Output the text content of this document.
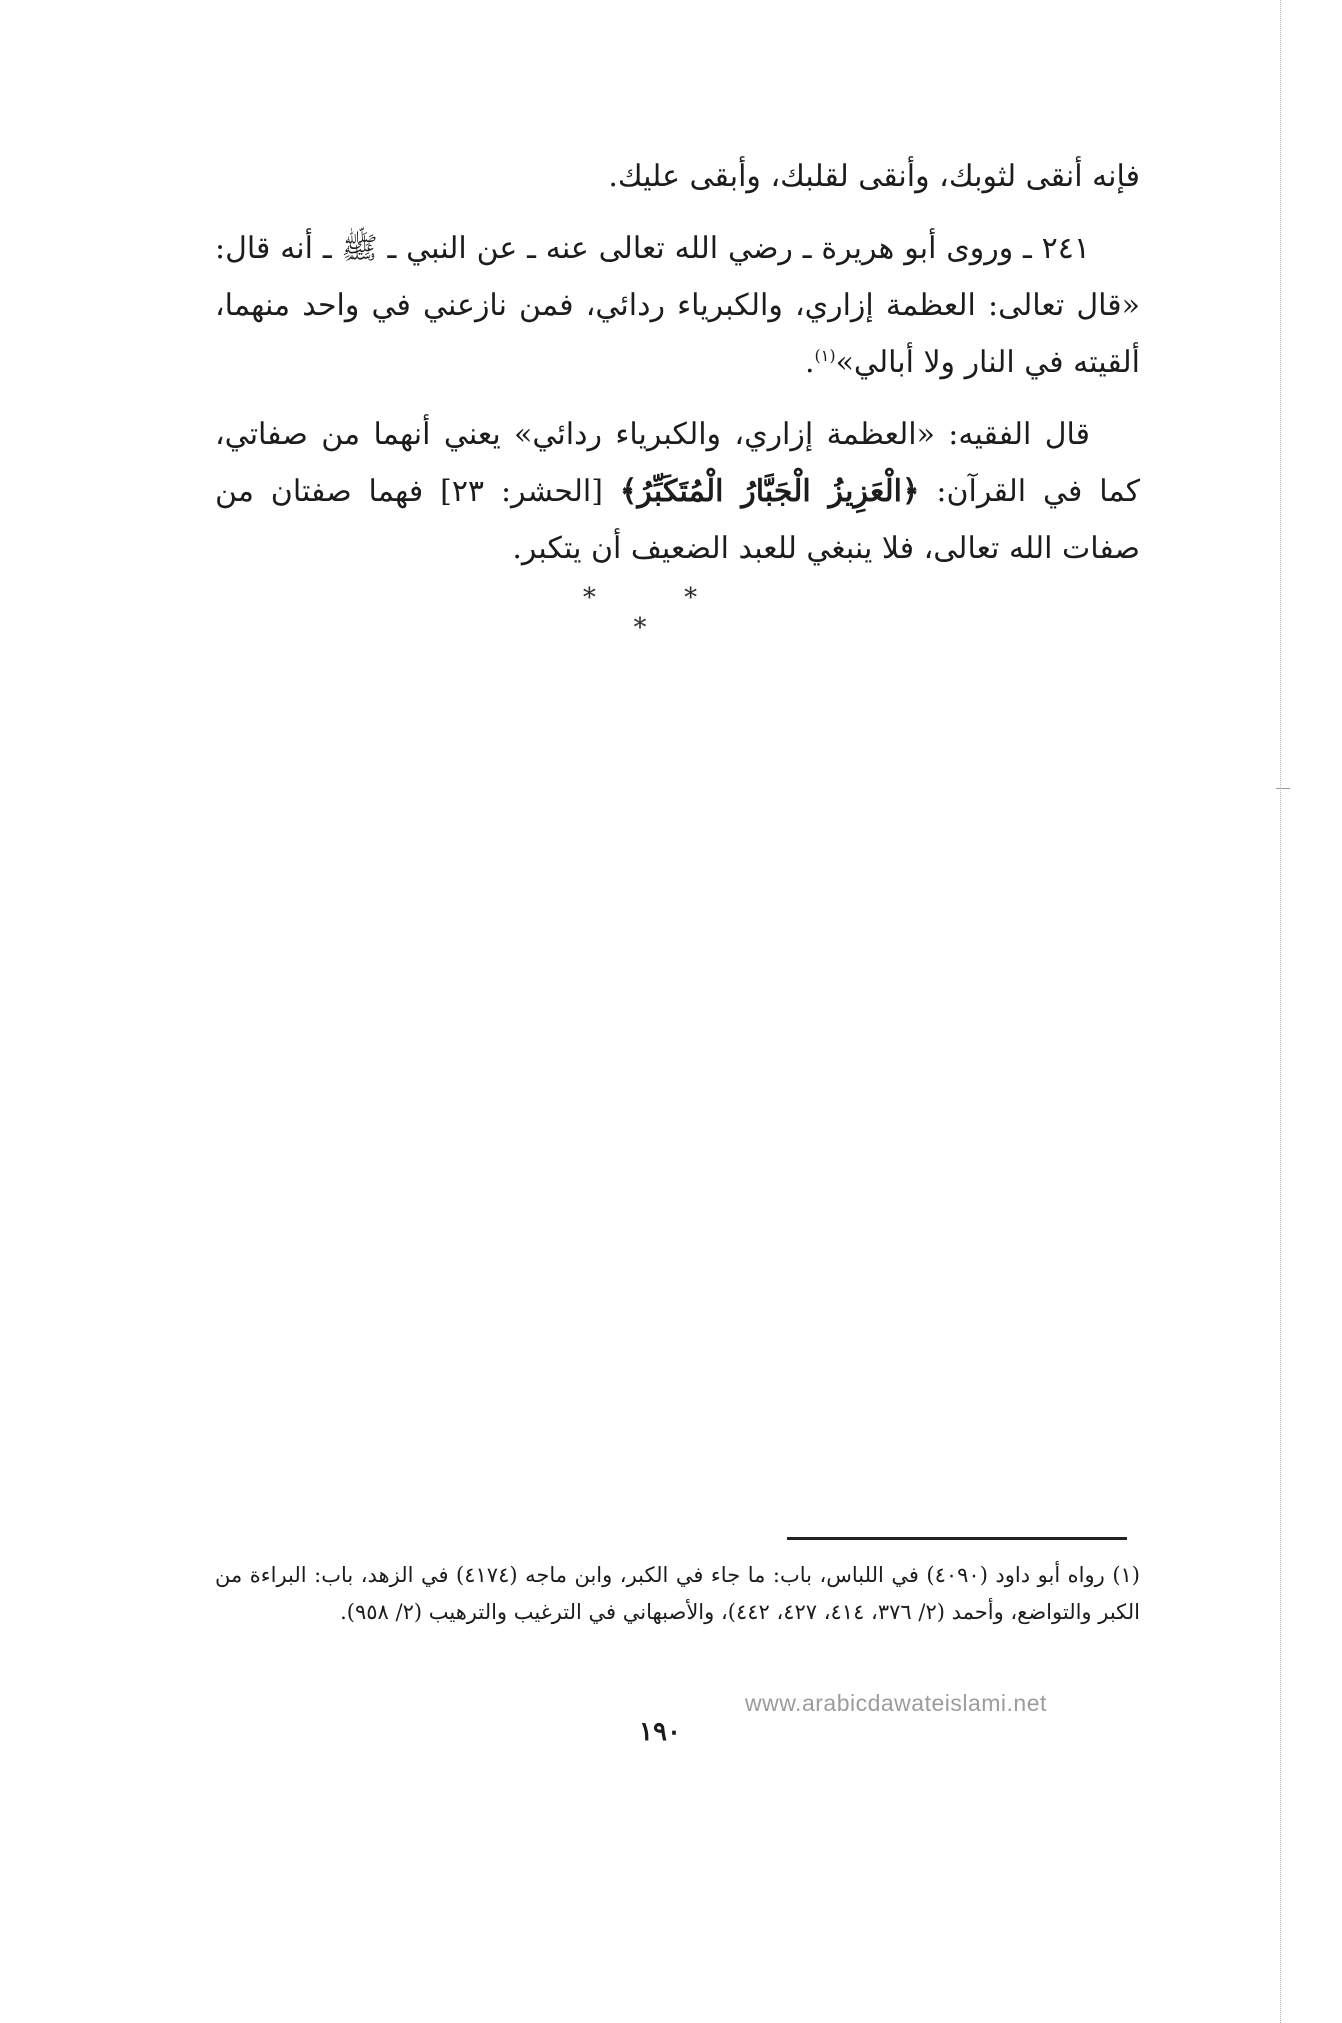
فإنه أنقى لثوبك، وأنقى لقلبك، وأبقى عليك.

٢٤١ ـ وروى أبو هريرة ـ رضي الله تعالى عنه ـ عن النبي ـ ﷺ ـ أنه قال: «قال تعالى: العظمة إزاري، والكبرياء ردائي، فمن نازعني في واحد منهما، ألقيته في النار ولا أبالي»$^{(١)}$.

قال الفقيه: «العظمة إزاري، والكبرياء ردائي» يعني أنهما من صفاتي، كما في القرآن: ﴿الْعَزِيزُ الْجَبَّارُ الْمُتَكَبِّرُ﴾ [الحشر: ٢٣] فهما صفتان من صفات الله تعالى، فلا ينبغي للعبد الضعيف أن يتكبر.

* * *

(١) رواه أبو داود (٤٠٩٠) في اللباس، باب: ما جاء في الكبر، وابن ماجه (٤١٧٤) في الزهد، باب: البراءة من الكبر والتواضع، وأحمد (٢/ ٣٧٦، ٤١٤، ٤٢٧، ٤٤٢)، والأصبهاني في الترغيب والترهيب (٢/ ٩٥٨).

www.arabicdawateislami.net
١٩٠
